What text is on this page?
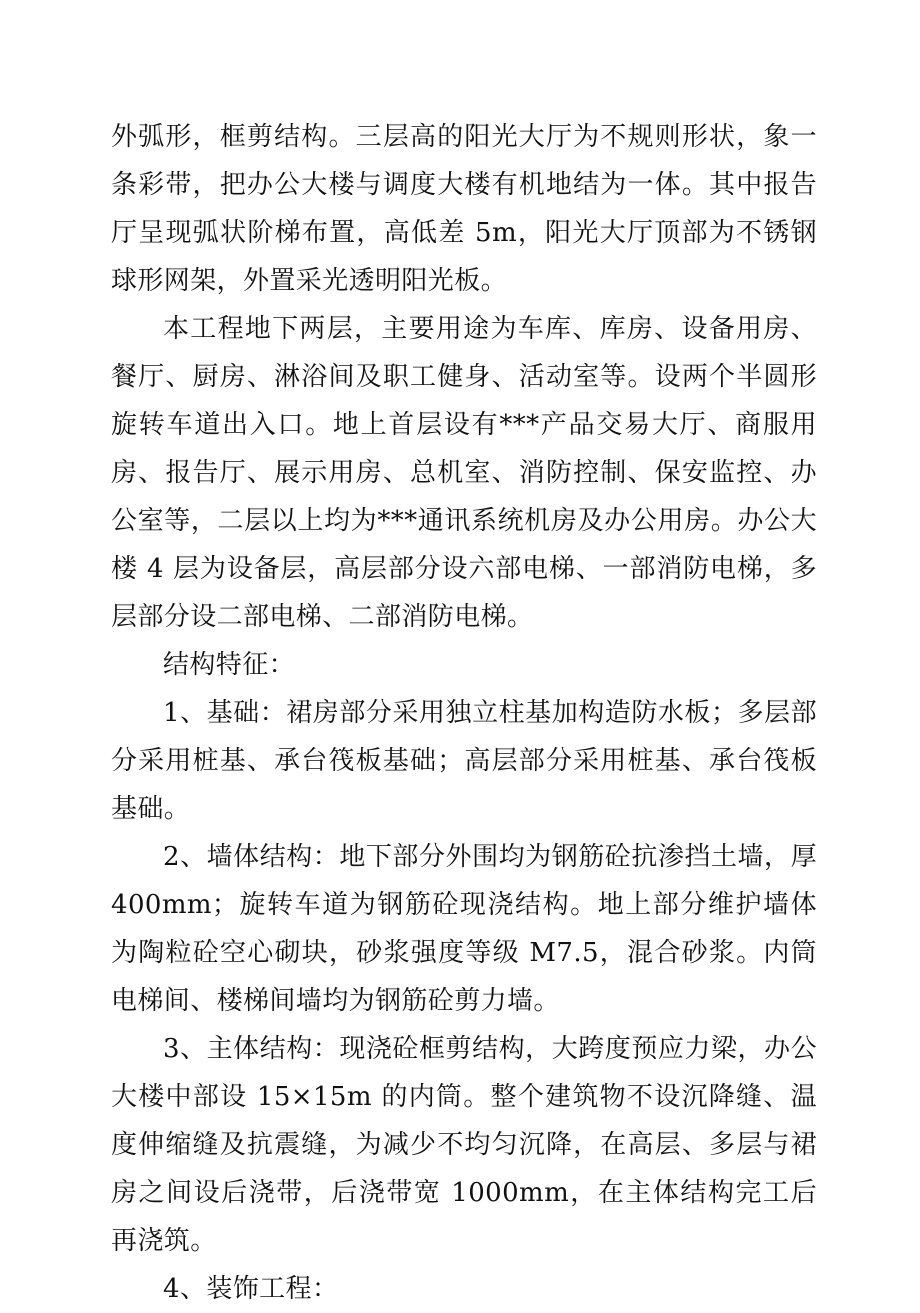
外弧形，框剪结构。三层高的阳光大厅为不规则形状，象一条彩带，把办公大楼与调度大楼有机地结为一体。其中报告厅呈现弧状阶梯布置，高低差 5m，阳光大厅顶部为不锈钢球形网架，外置采光透明阳光板。

本工程地下两层，主要用途为车库、库房、设备用房、餐厅、厨房、淋浴间及职工健身、活动室等。设两个半圆形旋转车道出入口。地上首层设有***产品交易大厅、商服用房、报告厅、展示用房、总机室、消防控制、保安监控、办公室等，二层以上均为***通讯系统机房及办公用房。办公大楼 4 层为设备层，高层部分设六部电梯、一部消防电梯，多层部分设二部电梯、二部消防电梯。

结构特征：

1、基础：裙房部分采用独立柱基加构造防水板；多层部分采用桩基、承台筏板基础；高层部分采用桩基、承台筏板基础。

2、墙体结构：地下部分外围均为钢筋砼抗渗挡土墙，厚 400mm；旋转车道为钢筋砼现浇结构。地上部分维护墙体为陶粒砼空心砌块，砂浆强度等级 M7.5，混合砂浆。内筒电梯间、楼梯间墙均为钢筋砼剪力墙。

3、主体结构：现浇砼框剪结构，大跨度预应力梁，办公大楼中部设 15×15m 的内筒。整个建筑物不设沉降缝、温度伸缩缝及抗震缝，为减少不均匀沉降，在高层、多层与裙房之间设后浇带，后浇带宽 1000mm，在主体结构完工后再浇筑。

4、装饰工程：
